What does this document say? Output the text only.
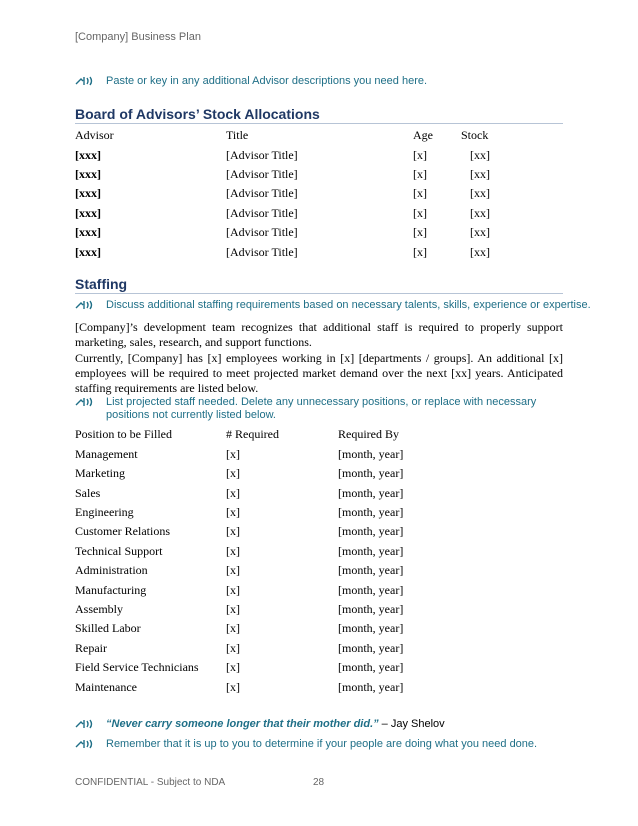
[Company] Business Plan
Paste or key in any additional Advisor descriptions you need here.
Board of Advisors’ Stock Allocations
Advisor	Title	Age Stock
[xxx]	[Advisor Title]	[x]	[xx]
[xxx]	[Advisor Title]	[x]	[xx]
[xxx]	[Advisor Title]	[x]	[xx]
[xxx]	[Advisor Title]	[x]	[xx]
[xxx]	[Advisor Title]	[x]	[xx]
[xxx]	[Advisor Title]	[x]	[xx]
Staffing
Discuss additional staffing requirements based on necessary talents, skills, experience or expertise.
[Company]’s development team recognizes that additional staff is required to properly support marketing, sales, research, and support functions.
Currently, [Company] has [x] employees working in [x] [departments / groups]. An additional [x] employees will be required to meet projected market demand over the next [xx] years. Anticipated staffing requirements are listed below.
List projected staff needed. Delete any unnecessary positions, or replace with necessary positions not currently listed below.
Position to be Filled	# Required	Required By
Management	[x]	[month, year]
Marketing	[x]	[month, year]
Sales	[x]	[month, year]
Engineering	[x]	[month, year]
Customer Relations	[x]	[month, year]
Technical Support	[x]	[month, year]
Administration	[x]	[month, year]
Manufacturing	[x]	[month, year]
Assembly	[x]	[month, year]
Skilled Labor	[x]	[month, year]
Repair	[x]	[month, year]
Field Service Technicians [x]	[month, year]
Maintenance	[x]	[month, year]
“Never carry someone longer that their mother did.” – Jay Shelov
Remember that it is up to you to determine if your people are doing what you need done.
CONFIDENTIAL - Subject to NDA	28
